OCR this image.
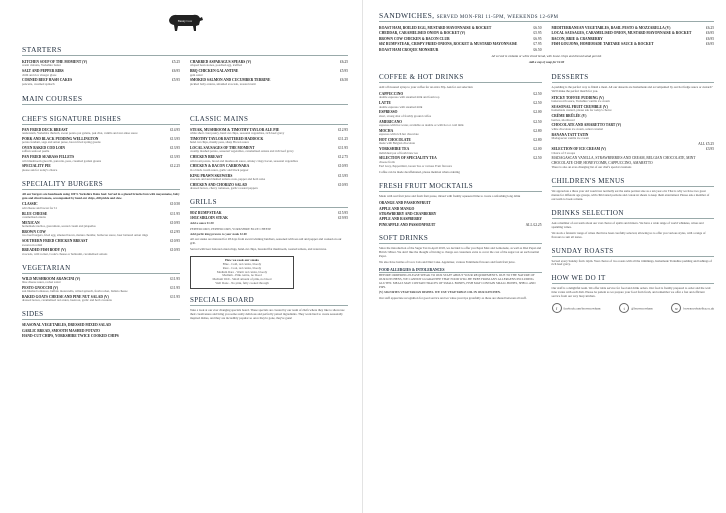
Bunny Cow
STARTERS
KITCHEN SOUP OF THE MOMENT (V)	£5.25
warm ciabatta, Yorkshire butter
SALT AND PEPPER RIBS	£6.95
chilli and rice vinegar glaze
CORNED BEEF HASH CAKES	£5.95
pancetta, creamed spinach
CHARRED ASPARAGUS SPEARS (V)	£6.25
crisped bean stones, poached egg, truffled
BBQ CHICKEN GALANTINE	£5.95
gem salad
SMOKED SALMON AND CUCUMBER TERRINE	£6.50
pickled baby onions, smashed avocado, toasted rustic
MAIN COURSES
CHEF'S SIGNATURE DISHES
PAN FRIED DUCK BREAST	£14.95
tenderstem, Yorkshire rhubarb, sweet potato pot galette, pak choi, vanilla and star anise sauce
PORK AND BLACK PUDDING WELLINGTON	£13.95
potato fondant, sage and onion puree, bacon fried spring greens
OVEN BAKED COD LOIN	£13.95
saffron seafood paella
PAN FRIED SEABASS FILLETS	£13.95
wild mushroom gnocchi, pancetta, peas, creamed garden greens
SPECIALITY PIE	£12.25
please ask for today's choice
SPECIALITY BURGERS
All our burgers are handmade using 100% Yorkshire Dales beef. Served in a glazed brioche bun with mayonnaise, baby gem and sliced tomato, accompanied by hand-cut chips, dill pickle and slaw.
CLASSIC	£10.50
add cheese and bacon for £1
BLUE CHEESE	£11.95
caramelised onions
MEXICAN	£10.95
homemade nachos, guacamole, soured cream and jalapeños
BROWN COW	£12.95
two beef burgers, fried egg, smoked bacon, mature cheddar, barbecue sauce, beer battered onion rings
SOUTHERN FRIED CHICKEN BREAST	£10.95
sweetcorn relish
BREADED FISH BODY (V)	£10.95
avocado, wild rocket, Cook's cheese or halloumi, caramelised onions
VEGETARIAN
WILD MUSHROOM ARANCINI (V)	£11.95
blue cheese sauce, rocket salad
PESTO GNOCCHI (V)	£11.95
sun blushed tomatoes, buffalo mozzarella, wilted spinach, fresh rocket, Italian cheese
BAKED GOATS CHEESE AND PINE NUT SALAD (V)	£11.95
dressed leaves, caramelised red onion, beetroot, garlic and herb croutons
SIDES
SEASONAL VEGETABLES, DRESSED MIXED SALAD
GARLIC BREAD, SMOOTH MASHED POTATO
HAND-CUT CHIPS, YORKSHIRE TWICE COOKED CHIPS
CLASSIC MAINS
STEAK, MUSHROOM & TIMOTHY TAYLOR ALE PIE	£12.95
white short crust pastry, hand cut chips, seasonal vegetables, rich beef gravy
TIMOTHY TAYLOR BATTERED HADDOCK	£11.25
hand cut chips, mushy peas, sharp Brown sauce
LOCAL SAUSAGES OF THE MOMENT	£11.95
creamy mashed potato, seasonal vegetables, caramelised onions and rich beef gravy
CHICKEN BREAST	£12.75
wild rosti potato, broad and mushroom sauce, smoky crispy bacon, seasonal vegetables
CHICKEN & BACON CARBONARA	£10.95
in a black cream sauce, garlic and black pepper
KING PRAWN SKEWERS	£13.95
avocado and sun blushed tomato cous, pepper and herb salsa
CHICKEN AND CHORIZO SALAD	£10.95
dressed leaves, cherry tomatoes, garlic roasted peppers
GRILLS
8OZ RUMP STEAK	£15.95
10OZ SIRLOIN STEAK	£19.95
Add a sauce £1.50
PEPPERCORN, PEPPERCORN, YORKSHIRE BLUE CHEESE
Add garlic king prawns to your steak £2.00
All our steaks are matured for 28 days from award winning butchers, seasoned with sea salt and pepper and cooked on our grill.
Served with beer battered onion rings, hand-cut chips, breaded flat mushroom, roasted tomato, and watercress.
How we cook our steaks
Blue - Cold, red centre, bloody
Rare - Cool, red centre, bloody
Medium Rare - Warm red centre, bloody
Medium - Pink centre, no blood
Medium Well - Small amount of pink, no blood
Well Done - No pink, fully cooked through
SPECIALS BOARD
Take a look at our ever changing specials board. These specials are created by our team of chefs where they like to showcase their creativeness and bring you some really delicious and perfectly paired ingredients. They work hard to create seasonally inspired dishes, and they are incredibly popular so once they're gone, they're gone!
SANDWICHES, SERVED MON-FRI 11-5PM, WEEKENDS 12-6PM
ROAST HAM, BOILED EGG, MUSTARD MAYONNAISE & ROCKET	£6.50
CHEDDAR, CARAMELISED ONION & ROCKET (V)	£5.95
BROWN COW CHICKEN & BACON CLUB	£6.95
60Z RUMP STEAK, CRISPY FRIED ONIONS, ROCKET & MUSTARD MAYONNAISE	£7.95
ROAST HAM CROQUE MONSIEUR	£6.50
MEDITERRANEAN VEGETABLES, BASIL PESTO & MOZZARELLA (V)	£6.25
LOCAL SAUSAGES, CARAMELISED ONION, MUSTARD MAYONNAISE & ROCKET	£6.95
BACON, BRIE & CRANBERRY	£6.95
FISH GOUJONS, HOMEMADE TARTARE SAUCE & ROCKET	£6.95
All served in ciabatta or white sliced bread, with house crisps and dressed salad garnish
Add a cup of soup for £2.00
COFFEE & HOT DRINKS
Add a flavoured syrup to your coffee for an extra 30p. Ask for our selection
CAPPUCCINO	£2.50
double espresso with steamed milk and foam top
LATTE	£2.50
double espresso with steamed milk
ESPRESSO	£2.00
short, strong shot of freshly ground coffee
AMERICANO	£2.50
espresso with hot water, available as double or with hot or cold milk
MOCHA	£2.80
espresso with rich hot chocolate
HOT CHOCOLATE	£2.80
made with Belgian chocolate
YORKSHIRE TEA	£2.00
individual pot of fresh brew tea
SELECTION OF SPECIALITY TEA	£2.50
choose from:
Earl Grey, Peppermint, Green Tea or various Fruit flavours
Coffee can be made decaffeinated, please mention when ordering
FRESH FRUIT MOCKTAILS
Made with real fruit juice and fresh fruit puree, mixed with freshly squeezed lime to create a refreshing long drink
ORANGE AND PASSIONFRUIT
APPLE AND MANGO
STRAWBERRY AND CRANBERRY
APPLE AND RASPBERRY
PINEAPPLE AND PASSIONFRUIT	ALL £2.25
SOFT DRINKS
Since the introduction of the Sugar Tax in April 2018, we decided to offer you Pepsi Max and Lemonade, as well as Diet Pepsi and Britvic Mixer. We don't like the thought of having to charge our customers extra to cover the cost of the sugar tax on such normal Pepsi.
We also have bottles of Coca Cola and Diet Coke. Appletiser, various Fentimans flavours and fresh fruit juice.
FOOD ALLERGIES & INTOLERANCES
BEFORE ORDERING PLEASE SPEAK TO OUR STAFF ABOUT YOUR REQUIREMENTS. DUE TO THE NATURE OF OUR KITCHENS, WE CANNOT GUARANTEE THAT FOOD WILL BE FREE FROM ANY ALLERGENS INCLUDING GLUTEN. MEALS MAY CONTAIN TRACES OF SMALL BONES, FISH MAY CONTAIN SMALL BONES, SHELL AND PIPS.
(V) SIGNIFIES VEGETARIAN DISHES. WE USE VEGETABLE OIL IN OUR KITCHEN.
Our staff appreciate recognition for good service and we value your tips gratefully as these are shared between all staff.
DESSERTS
A pudding is the perfect way to finish a meal. All our desserts are homemade and accompanied by our hot fudge sauce or custard? We'll make the perfect match for you.
STICKY TOFFEE PUDDING (V)
butterscotch sauce, Yorkshire vanilla ice cream
SEASONAL FRUIT CRUMBLE (V)
homemade custard, please ask for today's choice
CRÈME BRÛLÉE (V)
berries, shortbread
CHOCOLATE AND AMARETTO TART (V)
white chocolate ice cream, salted caramel
BANANA TATT TATIN
Madagascan vanilla ice cream
ALL £5.25
SELECTION OF ICE CREAM (V)	£3.95
Choice of 3 scoops
MADAGASCAN VANILLA, STRAWBERRIES AND CREAM, BELGIAN CHOCOLATE, MINT CHOCOLATE CHIP, HONEYCOMB, CAPPUCCINO, AMARETTO
There is also an ever-changing list of our chef's special creations
CHILDREN'S MENUS
We appreciate a three year old would not normally eat the same portion size as a ten year old. That is why we have two great menus for different age groups, with child sized portions and colour-in sheets to keep them entertained. Please ask a member of our team to book a menu.
DRINKS SELECTION
Ask a member of our team about our vast choice of spirits and mixers. We have a wide range of world whiskies, wines and sparkling wines.
We stock a fantastic range of wines that have been carefully selected, allowing us to offer you various styles, with a range of flavours to suit all tastes.
SUNDAY ROASTS
Served every Sunday from 12pm. Your choice of two roasts with all the trimmings, homemade Yorkshire pudding and lashings of rich beef gravy.
HOW WE DO IT
Our staff is a delightful team. We offer table service for food and drink orders. Our food is freshly prepared to order and the wait time varies with each dish. Please be patient as we prepare your food from fresh, and remember we offer a fast and efficient service from our very busy kitchen.
f facebook.com/browncowhxm	t @browncowhxm	w browncowhotelbar.co.uk
